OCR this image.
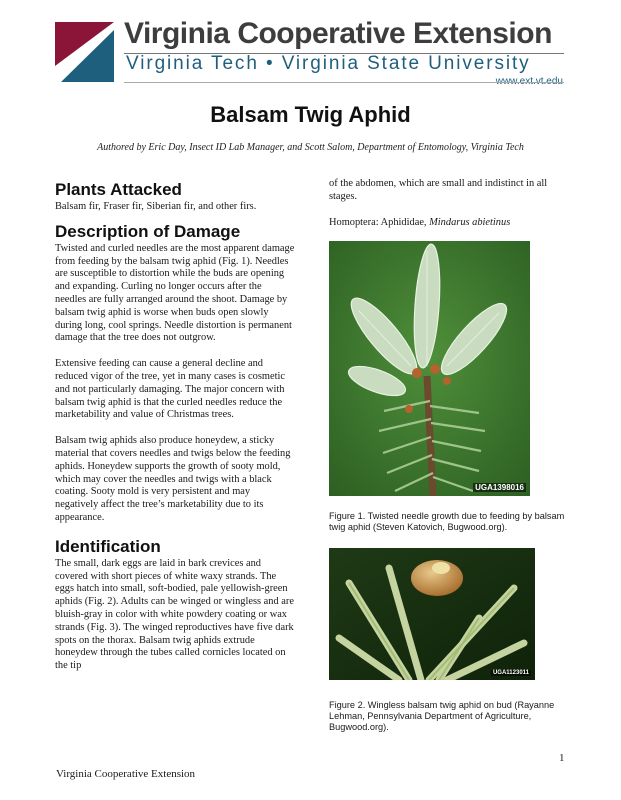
Virginia Cooperative Extension
Virginia Tech • Virginia State University
Balsam Twig Aphid
Authored by Eric Day, Insect ID Lab Manager, and Scott Salom, Department of Entomology, Virginia Tech
Plants Attacked

Balsam fir, Fraser fir, Siberian fir, and other firs.

Description of Damage

Twisted and curled needles are the most apparent damage from feeding by the balsam twig aphid (Fig. 1). Needles are susceptible to distortion while the buds are opening and expanding. Curling no longer occurs after the needles are fully arranged around the shoot. Damage by balsam twig aphid is worse when buds open slowly during long, cool springs. Needle distortion is permanent damage that the tree does not outgrow.

Extensive feeding can cause a general decline and reduced vigor of the tree, yet in many cases is cosmetic and not particularly damaging. The major concern with balsam twig aphid is that the curled needles reduce the marketability and value of Christmas trees.

Balsam twig aphids also produce honeydew, a sticky material that covers needles and twigs below the feeding aphids. Honeydew supports the growth of sooty mold, which may cover the needles and twigs with a black coating. Sooty mold is very persistent and may negatively affect the tree’s marketability due to its appearance.

Identification

The small, dark eggs are laid in bark crevices and covered with short pieces of white waxy strands. The eggs hatch into small, soft-bodied, pale yellowish-green aphids (Fig. 2). Adults can be winged or wingless and are bluish-gray in color with white powdery coating or wax strands (Fig. 3). The winged reproductives have five dark spots on the thorax. Balsam twig aphids extrude honeydew through the tubes called cornicles located on the tip

of the abdomen, which are small and indistinct in all stages.

Homoptera: Aphididae, Mindarus abietinus

UGA1398016
Figure 1. Twisted needle growth due to feeding by balsam twig aphid (Steven Katovich, Bugwood.org).
UGA1123011
Figure 2. Wingless balsam twig aphid on bud (Rayanne Lehman, Pennsylvania Department of Agriculture, Bugwood.org).
1
Virginia Cooperative Extension
